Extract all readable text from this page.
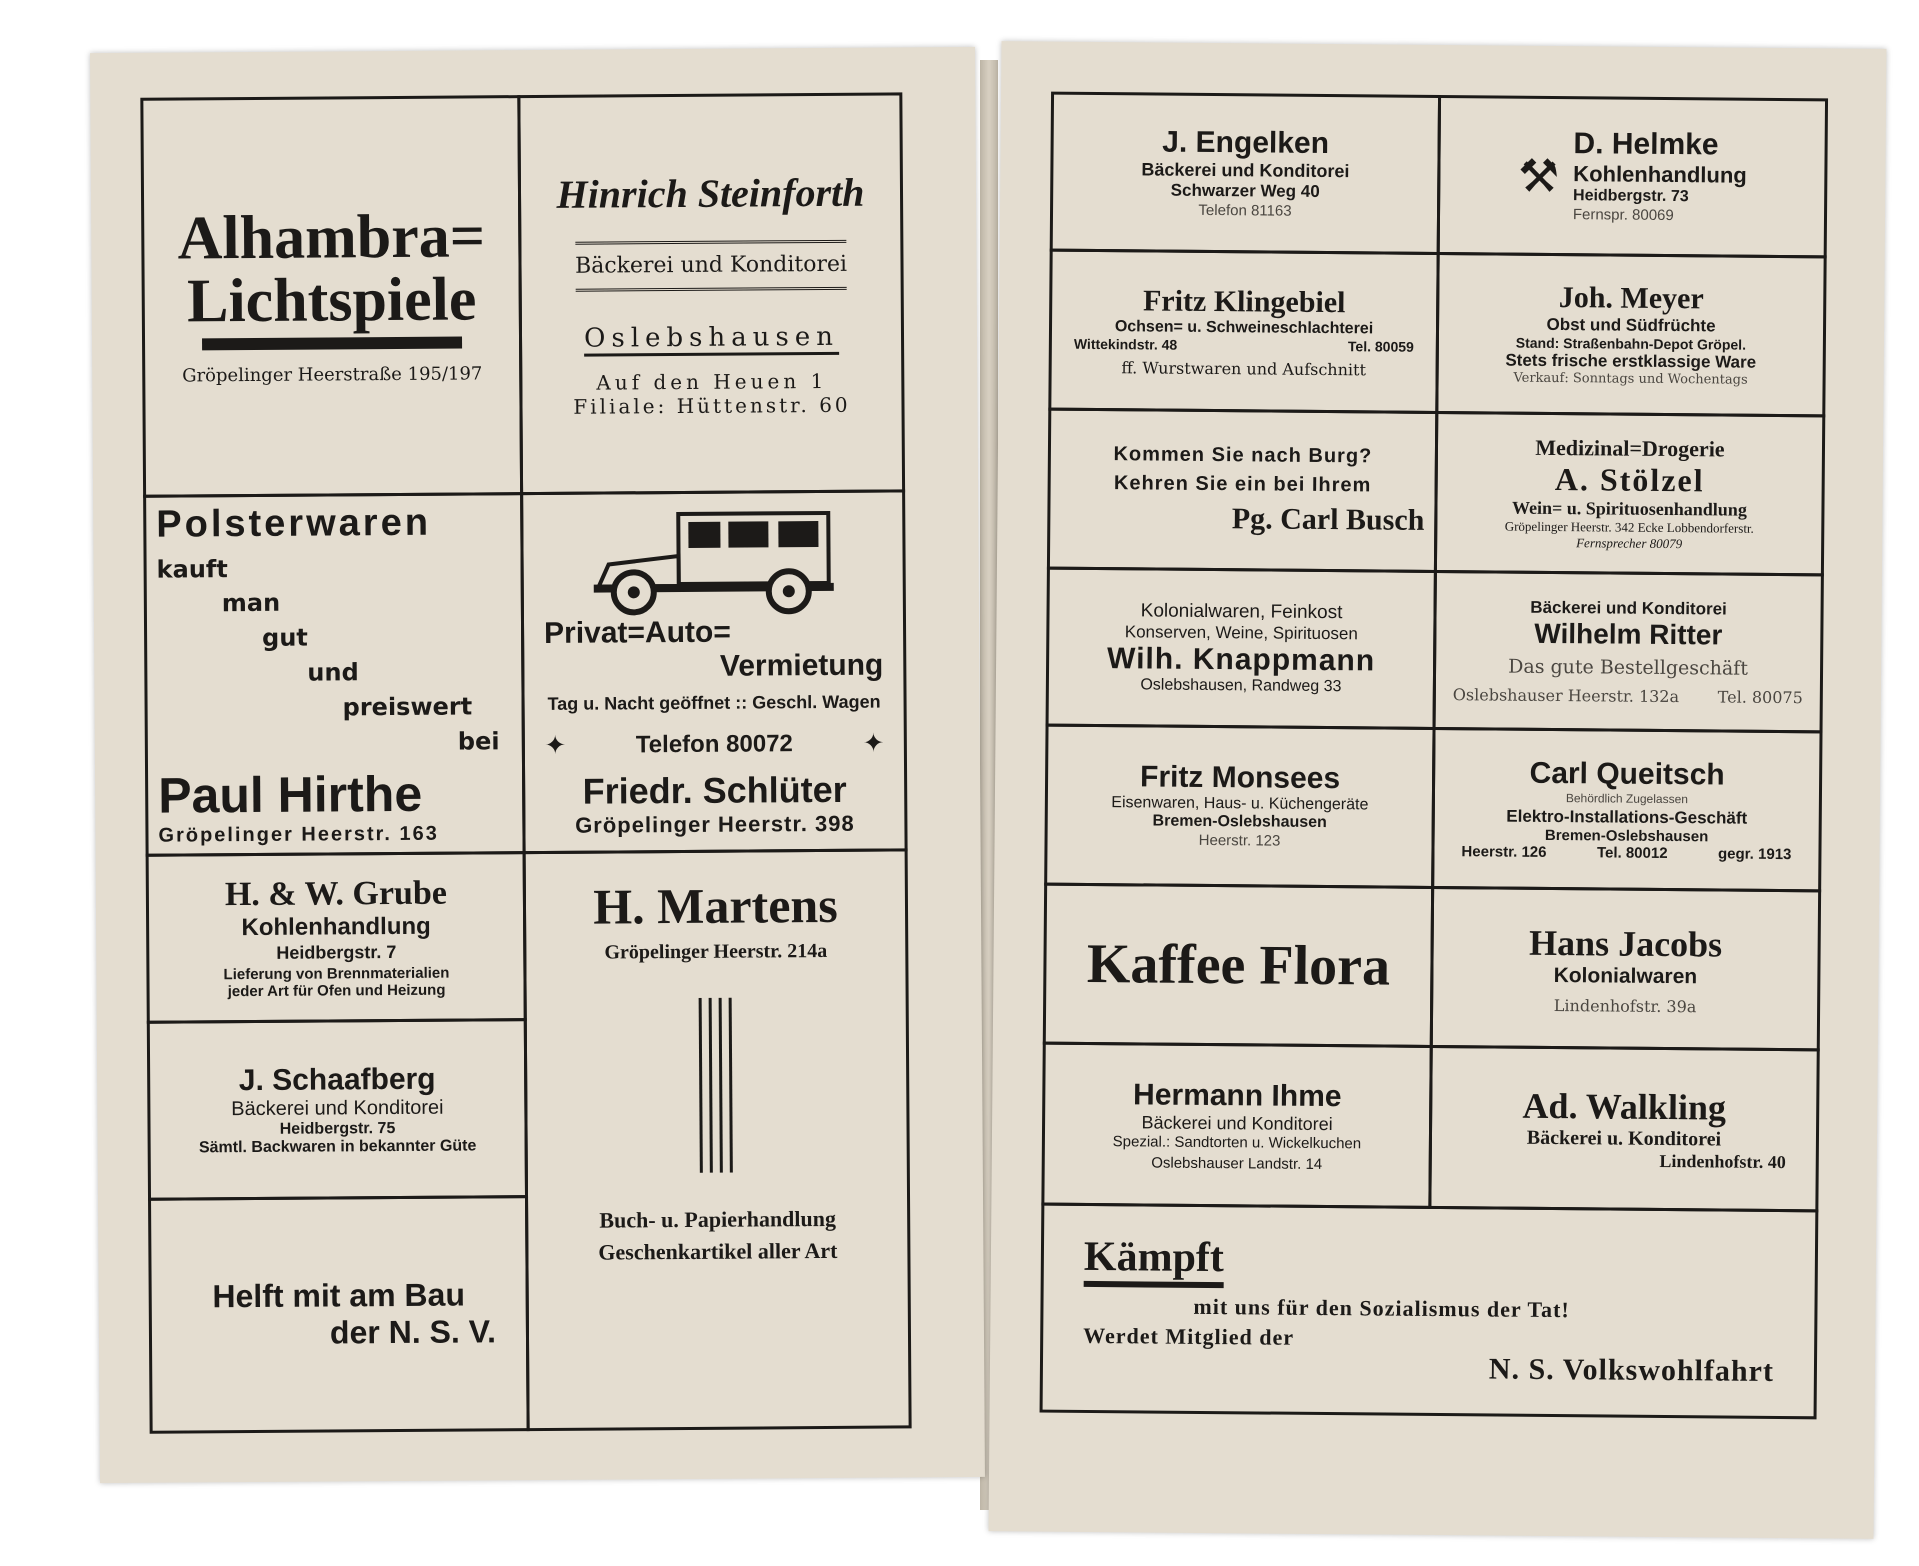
Alhambra=
Lichtspiele
Gröpelinger Heerstraße 195/197
Hinrich Steinforth
Bäckerei und Konditorei
Oslebshausen
Auf den Heuen 1
Filiale: Hüttenstr. 60
Polsterwaren
kauft
man
gut
und
preiswert
bei
Paul Hirthe
Gröpelinger Heerstr. 163
Privat=Auto=
Vermietung
Tag u. Nacht geöffnet :: Geschl. Wagen
✦	Telefon 80072	✦
Friedr. Schlüter
Gröpelinger Heerstr. 398
H. & W. Grube
Kohlenhandlung
Heidbergstr. 7
Lieferung von Brennmaterialien
jeder Art für Ofen und Heizung
H. Martens
Gröpelinger Heerstr. 214a
Buch- u. Papierhandlung
Geschenkartikel aller Art
J. Schaafberg
Bäckerei und Konditorei
Heidbergstr. 75
Sämtl. Backwaren in bekannter Güte
Helft mit am Bau
der N. S. V.
J. Engelken
Bäckerei und Konditorei
Schwarzer Weg 40
Telefon 81163
⚒
D. Helmke
Kohlenhandlung
Heidbergstr. 73
Fernspr. 80069
Fritz Klingebiel
Ochsen= u. Schweineschlachterei
Wittekindstr. 48	Tel. 80059
ff. Wurstwaren und Aufschnitt
Joh. Meyer
Obst und Südfrüchte
Stand: Straßenbahn-Depot Gröpel.
Stets frische erstklassige Ware
Verkauf: Sonntags und Wochentags
Kommen Sie nach Burg?
Kehren Sie ein bei Ihrem
Pg. Carl Busch
Medizinal=Drogerie
A. Stölzel
Wein= u. Spirituosenhandlung
Gröpelinger Heerstr. 342 Ecke Lobbendorferstr.
Fernsprecher 80079
Kolonialwaren, Feinkost
Konserven, Weine, Spirituosen
Wilh. Knappmann
Oslebshausen, Randweg 33
Bäckerei und Konditorei
Wilhelm Ritter
Das gute Bestellgeschäft
Oslebshauser Heerstr. 132a Tel. 80075
Fritz Monsees
Eisenwaren, Haus- u. Küchengeräte
Bremen-Oslebshausen
Heerstr. 123
Carl Queitsch
Behördlich Zugelassen
Elektro-Installations-Geschäft
Bremen-Oslebshausen
Heerstr. 126	Tel. 80012	gegr. 1913
Kaffee Flora	Hans Jacobs
Kolonialwaren
Lindenhofstr. 39a
Hermann Ihme
Bäckerei und Konditorei
Spezial.: Sandtorten u. Wickelkuchen
Oslebshauser Landstr. 14
Ad. Walkling
Bäckerei u. Konditorei
Lindenhofstr. 40
Kämpft
mit uns für den Sozialismus der Tat!
Werdet Mitglied der
N. S. Volkswohlfahrt
